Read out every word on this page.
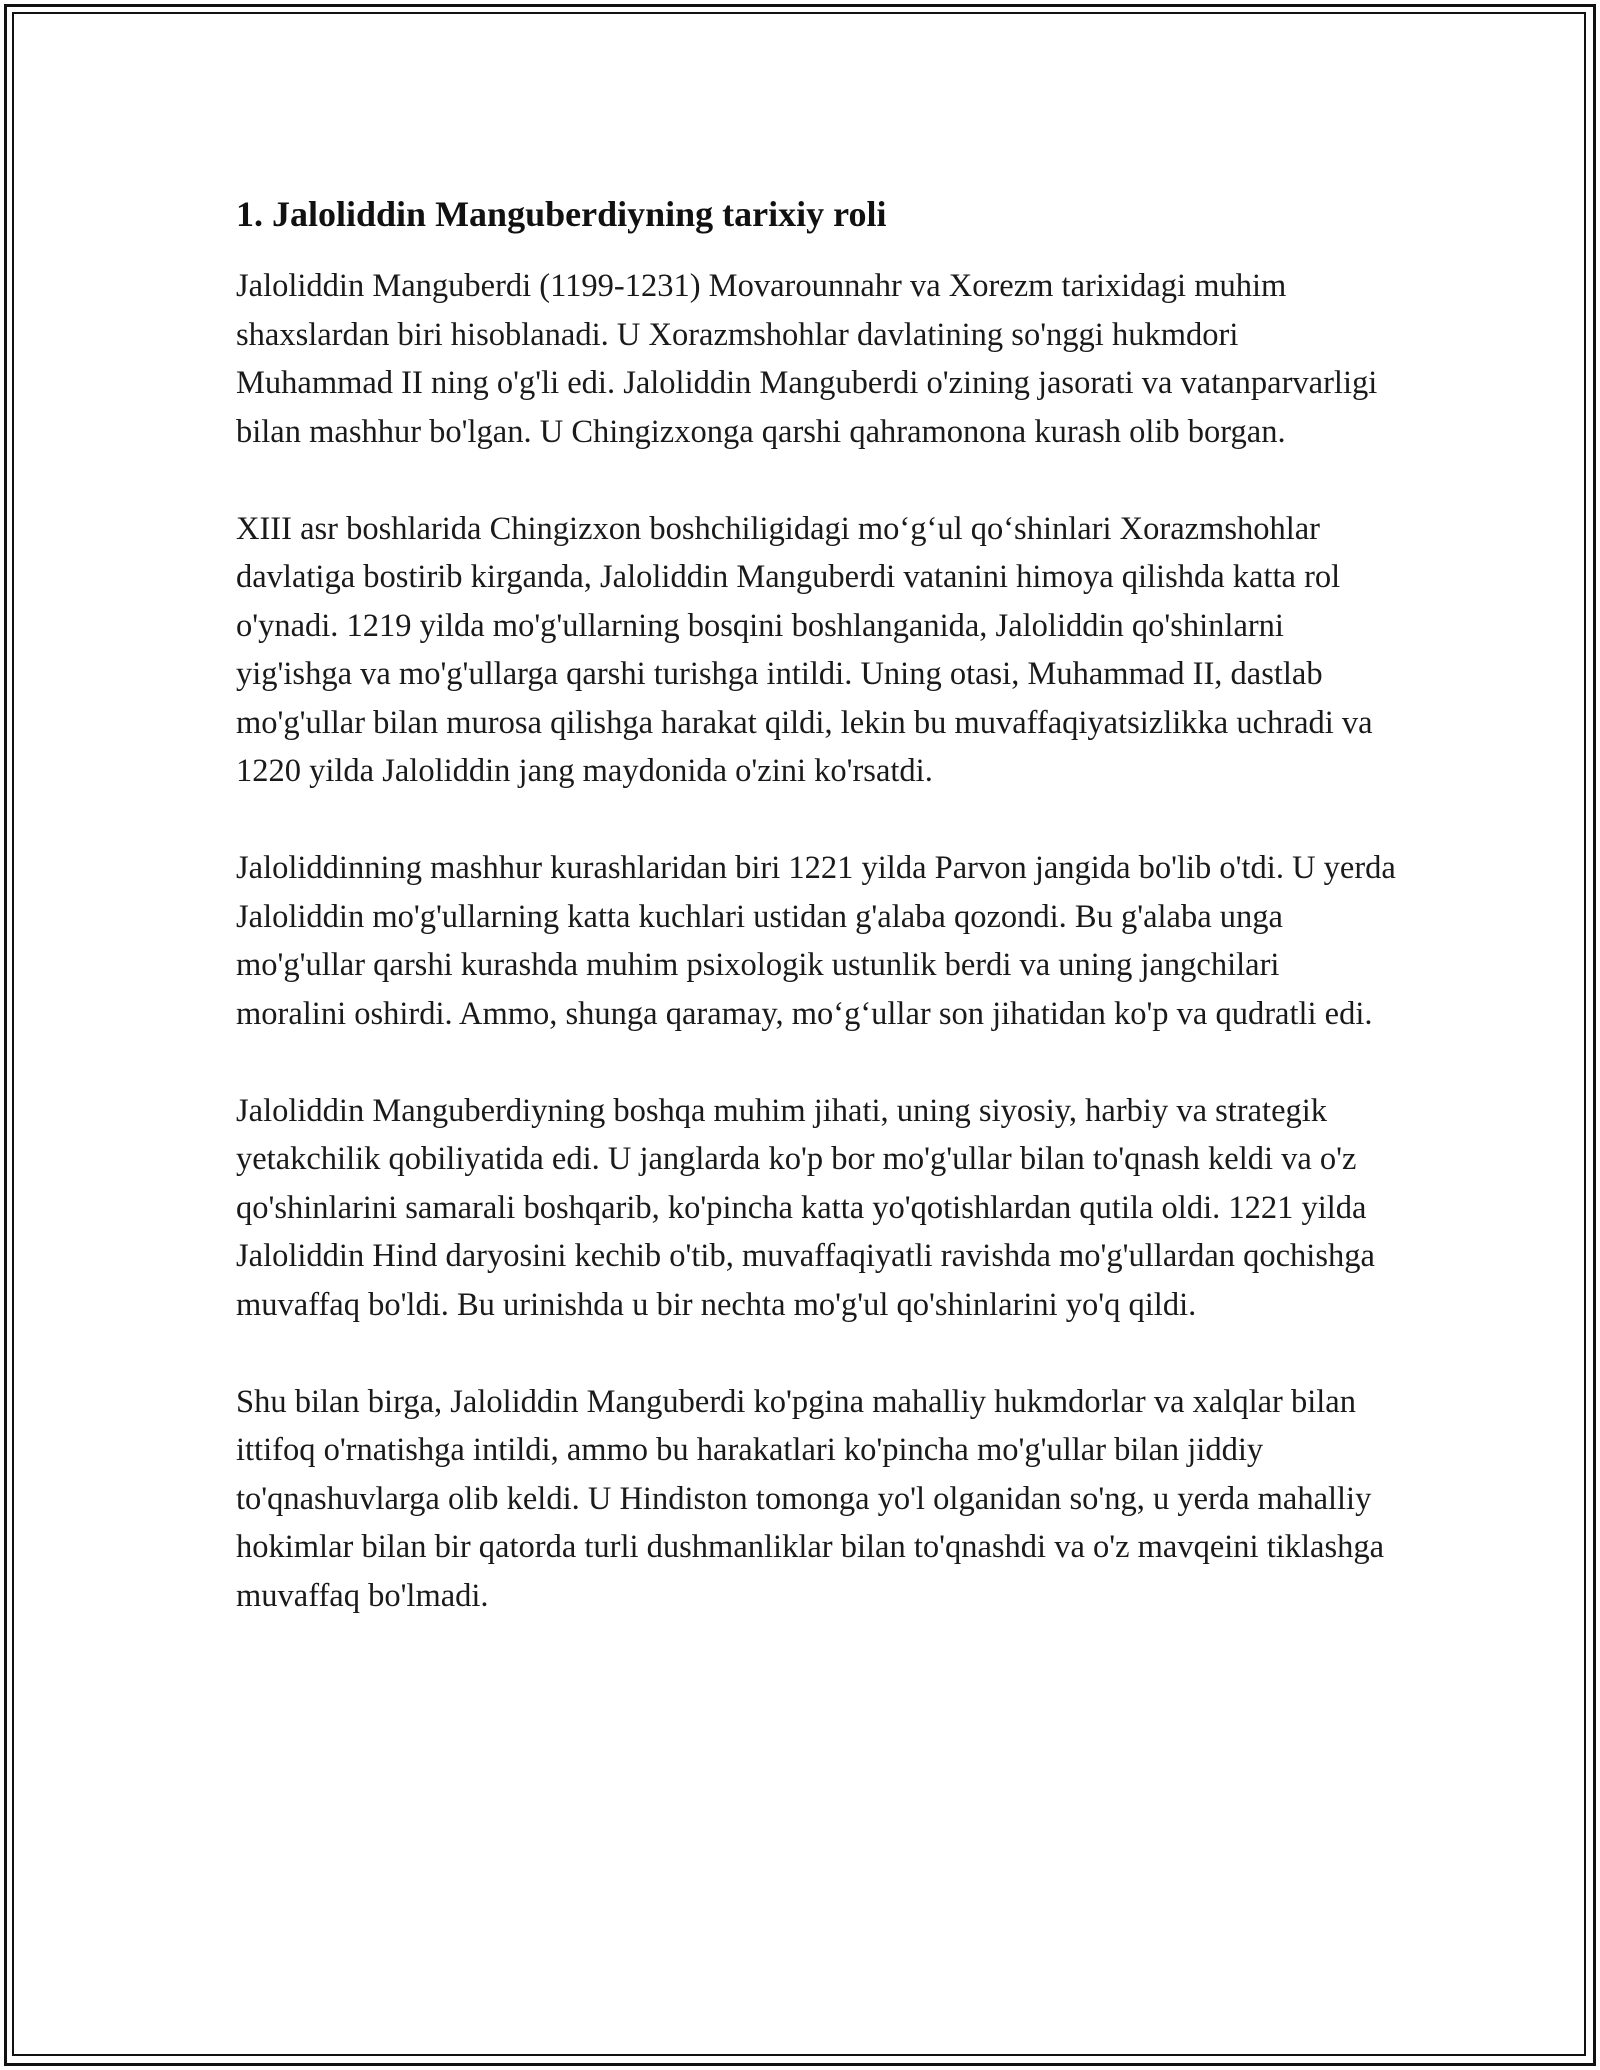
1. Jaloliddin Manguberdiyning tarixiy roli

Jaloliddin Manguberdi (1199-1231) Movarounnahr va Xorezm tarixidagi muhim shaxslardan biri hisoblanadi. U Xorazmshohlar davlatining so'nggi hukmdori Muhammad II ning o'g'li edi. Jaloliddin Manguberdi o'zining jasorati va vatanparvarligi bilan mashhur bo'lgan. U Chingizxonga qarshi qahramonona kurash olib borgan.

XIII asr boshlarida Chingizxon boshchiligidagi mo‘g‘ul qo‘shinlari Xorazmshohlar davlatiga bostirib kirganda, Jaloliddin Manguberdi vatanini himoya qilishda katta rol o'ynadi. 1219 yilda mo'g'ullarning bosqini boshlanganida, Jaloliddin qo'shinlarni yig'ishga va mo'g'ullarga qarshi turishga intildi. Uning otasi, Muhammad II, dastlab mo'g'ullar bilan murosa qilishga harakat qildi, lekin bu muvaffaqiyatsizlikka uchradi va 1220 yilda Jaloliddin jang maydonida o'zini ko'rsatdi.

Jaloliddinning mashhur kurashlaridan biri 1221 yilda Parvon jangida bo'lib o'tdi. U yerda Jaloliddin mo'g'ullarning katta kuchlari ustidan g'alaba qozondi. Bu g'alaba unga mo'g'ullar qarshi kurashda muhim psixologik ustunlik berdi va uning jangchilari moralini oshirdi. Ammo, shunga qaramay, mo‘g‘ullar son jihatidan ko'p va qudratli edi.

Jaloliddin Manguberdiyning boshqa muhim jihati, uning siyosiy, harbiy va strategik yetakchilik qobiliyatida edi. U janglarda ko'p bor mo'g'ullar bilan to'qnash keldi va o'z qo'shinlarini samarali boshqarib, ko'pincha katta yo'qotishlardan qutila oldi. 1221 yilda Jaloliddin Hind daryosini kechib o'tib, muvaffaqiyatli ravishda mo'g'ullardan qochishga muvaffaq bo'ldi. Bu urinishda u bir nechta mo'g'ul qo'shinlarini yo'q qildi.

Shu bilan birga, Jaloliddin Manguberdi ko'pgina mahalliy hukmdorlar va xalqlar bilan ittifoq o'rnatishga intildi, ammo bu harakatlari ko'pincha mo'g'ullar bilan jiddiy to'qnashuvlarga olib keldi. U Hindiston tomonga yo'l olganidan so'ng, u yerda mahalliy hokimlar bilan bir qatorda turli dushmanliklar bilan to'qnashdi va o'z mavqeini tiklashga muvaffaq bo'lmadi.
